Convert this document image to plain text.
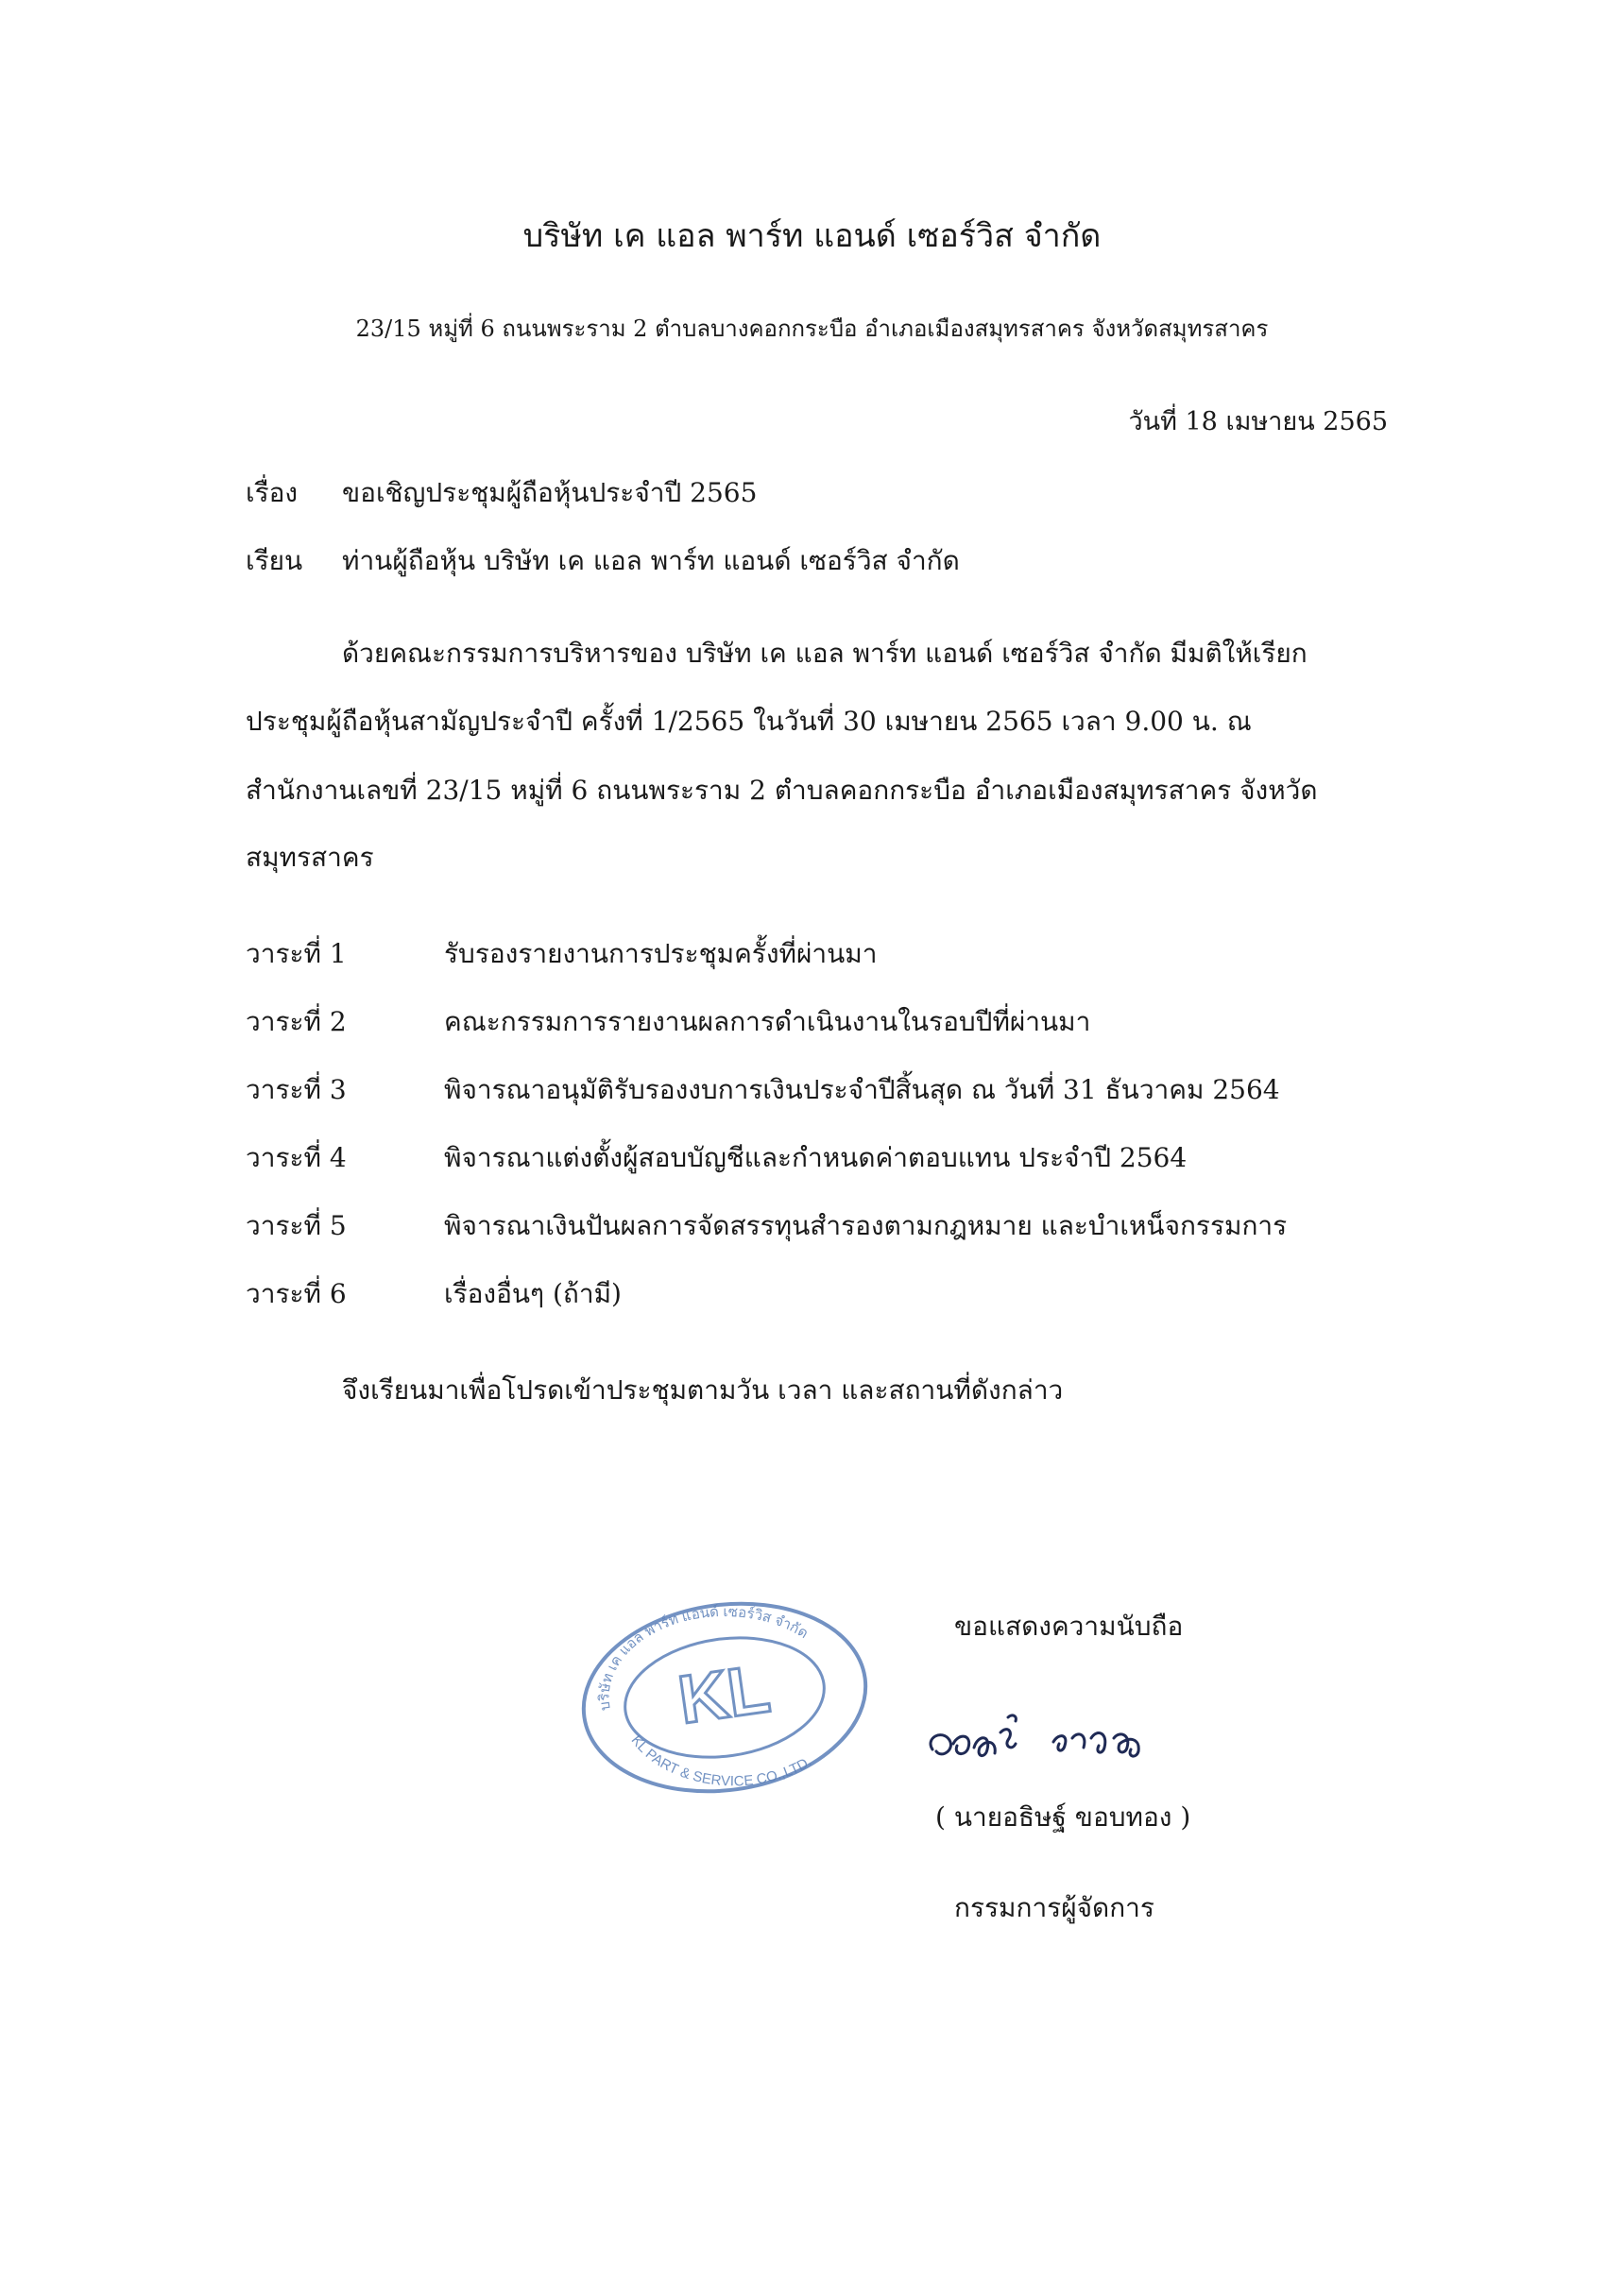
บริษัท เค แอล พาร์ท แอนด์ เซอร์วิส จำกัด
23/15 หมู่ที่ 6 ถนนพระราม 2 ตำบลบางคอกกระบือ อำเภอเมืองสมุทรสาคร จังหวัดสมุทรสาคร
วันที่ 18 เมษายน 2565
เรื่อง ขอเชิญประชุมผู้ถือหุ้นประจำปี 2565
เรียน ท่านผู้ถือหุ้น บริษัท เค แอล พาร์ท แอนด์ เซอร์วิส จำกัด
ด้วยคณะกรรมการบริหารของ บริษัท เค แอล พาร์ท แอนด์ เซอร์วิส จำกัด มีมติให้เรียก
ประชุมผู้ถือหุ้นสามัญประจำปี ครั้งที่ 1/2565 ในวันที่ 30 เมษายน 2565 เวลา 9.00 น. ณ
สำนักงานเลขที่ 23/15 หมู่ที่ 6 ถนนพระราม 2 ตำบลคอกกระบือ อำเภอเมืองสมุทรสาคร จังหวัด
สมุทรสาคร
วาระที่ 1	รับรองรายงานการประชุมครั้งที่ผ่านมา
วาระที่ 2	คณะกรรมการรายงานผลการดำเนินงานในรอบปีที่ผ่านมา
วาระที่ 3	พิจารณาอนุมัติรับรองงบการเงินประจำปีสิ้นสุด ณ วันที่ 31 ธันวาคม 2564
วาระที่ 4	พิจารณาแต่งตั้งผู้สอบบัญชีและกำหนดค่าตอบแทน ประจำปี 2564
วาระที่ 5	พิจารณาเงินปันผลการจัดสรรทุนสำรองตามกฎหมาย และบำเหน็จกรรมการ
วาระที่ 6	เรื่องอื่นๆ (ถ้ามี)
จึงเรียนมาเพื่อโปรดเข้าประชุมตามวัน เวลา และสถานที่ดังกล่าว
ขอแสดงความนับถือ
KL
บริษัท เค แอล พาร์ท แอนด์ เซอร์วิส จำกัด
KL PART & SERVICE CO.,LTD.
( นายอธิษฐ์ ขอบทอง )
กรรมการผู้จัดการ
